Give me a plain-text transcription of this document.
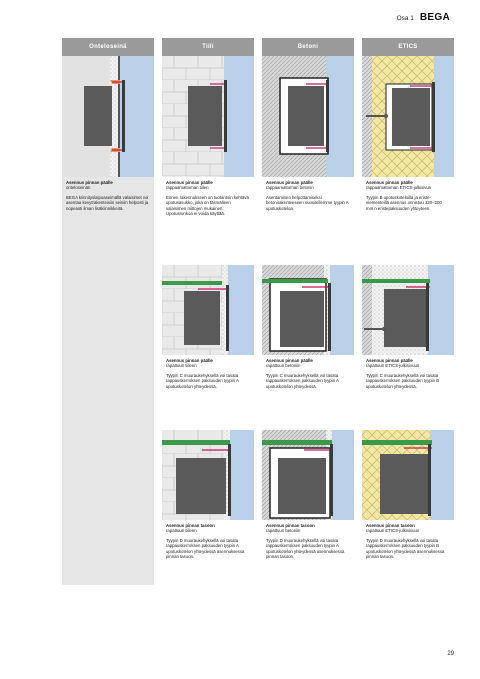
Osa 1 BEGA
Onteloseinä
Asennus pinnan päälle
onteloseinän
BEGA kiinnityslaipoaseimällä valaisimet voi asentaa kevytrakenteisiin seiniin helposti ja nopeasti ilman lisäkiinnikkeitä.
Tiili
Asennus pinnan päälle
rappaamattoman tiilen
Ennen rakennukseen on tuotantoin kehtävä upotusasukko, joka on täsmälleen valaisimen mittojen mukainen. Upotusrunkoa ei voida käyttää.
Asennus pinnan päälle
rapattuun tiileen
Tyypin C muuraukehyksellä voi tasata rappauskerroksen paksuuden tyypin A upotuskotelon yhteydessä.
Asennus pinnan tasoon
rapattuun tiileen
Tyypin D muuraukehyksellä voi tasata rappauskerroksen paksuuden tyypin A upotuskotelon yhteydessä asennuksessa pinnan tasoon.
Betoni
Asennus pinnan päälle
rappaamattoman betonin
Asentamisen helpottamiseksi betonirakenteeseen suositellemme tyypin A upotuskoteloa.
Asennus pinnan päälle
rapattuun betoniin
Tyypin C muuraukehyksellä voi tasata rappauskerroksen paksuuden tyypin A upotuskotelon yhteydessä.
Asennus pinnan tasoon
rapattuun betoniin
Tyypin D muuraukehyksellä voi tasata rappauskerroksen paksuuden tyypin A upotuskotelon yhteydessä asennuksessa pinnan tasoon.
ETICS
Asennus pinnan päälle
rappaamattoman ETICS-julkisivun
Tyypin B upotuskoteloilla ja eriste-elementeillä asennus onnistuu 120–200 mm n eristepaksuuden yhteyteen.
Asennus pinnan päälle
rapattuun ETICS-julkisivuun
Tyypin C muuraukehyksellä voi tasata rappauskerroksen paksuuden tyypin B upotuskotelon yhteydessä.
Asennus pinnan tasoon
rapattuun ETICS-julkisivuun
Tyypin D muuraukehyksellä voi tasata rappauskerroksen paksuuden tyypin B upotuskotelon yhteydessä asennuksessa pinnan tasoon.
29
